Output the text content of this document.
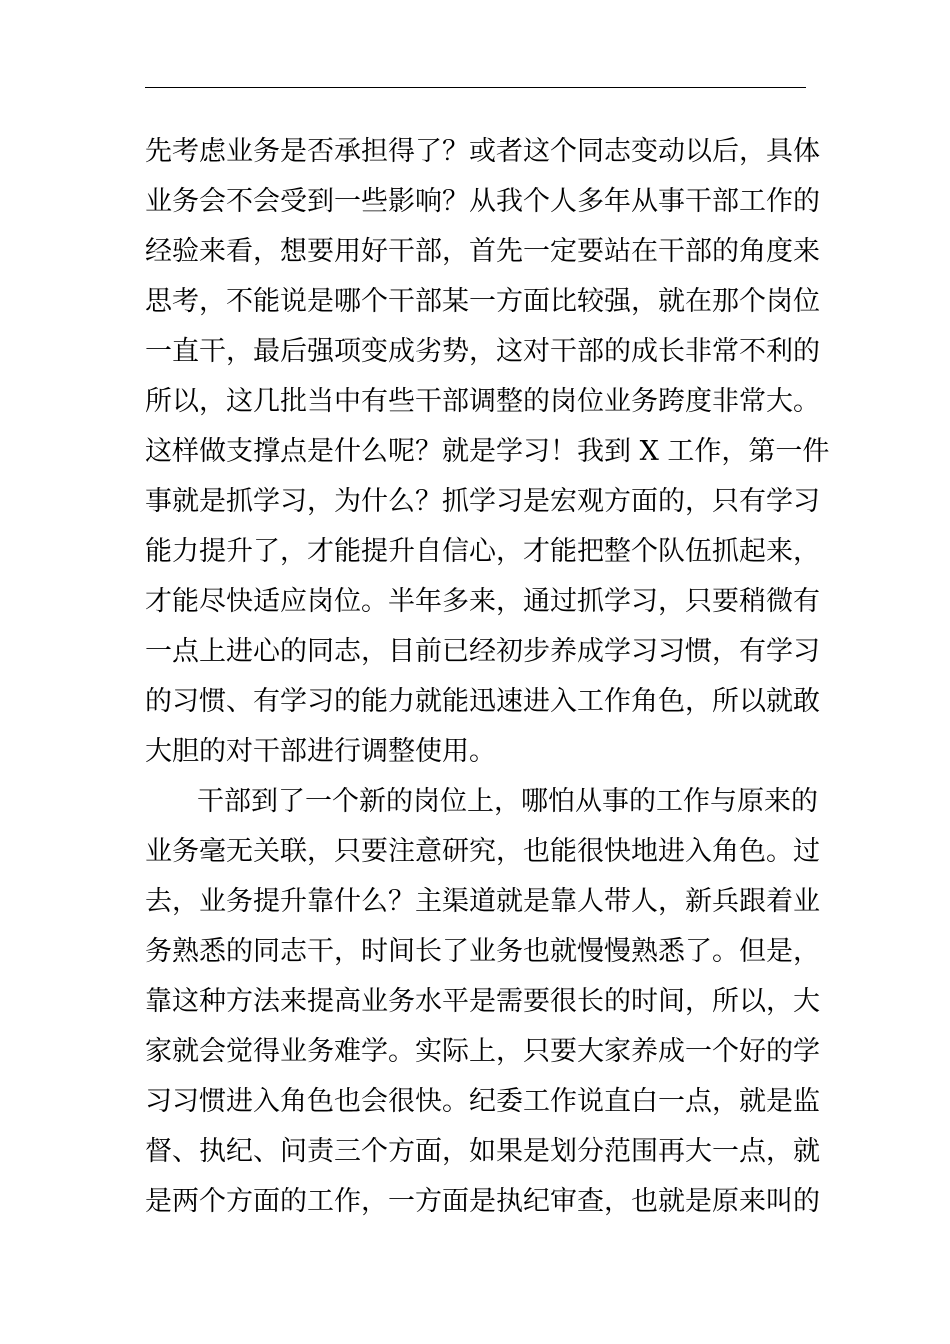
先考虑业务是否承担得了？或者这个同志变动以后，具体
业务会不会受到一些影响？从我个人多年从事干部工作的
经验来看，想要用好干部，首先一定要站在干部的角度来
思考，不能说是哪个干部某一方面比较强，就在那个岗位
一直干，最后强项变成劣势，这对干部的成长非常不利的
所以，这几批当中有些干部调整的岗位业务跨度非常大。
这样做支撑点是什么呢？就是学习！我到 X 工作，第一件
事就是抓学习，为什么？抓学习是宏观方面的，只有学习
能力提升了，才能提升自信心，才能把整个队伍抓起来，
才能尽快适应岗位。半年多来，通过抓学习，只要稍微有
一点上进心的同志，目前已经初步养成学习习惯，有学习
的习惯、有学习的能力就能迅速进入工作角色，所以就敢
大胆的对干部进行调整使用。
干部到了一个新的岗位上，哪怕从事的工作与原来的
业务毫无关联，只要注意研究，也能很快地进入角色。过
去，业务提升靠什么？主渠道就是靠人带人，新兵跟着业
务熟悉的同志干，时间长了业务也就慢慢熟悉了。但是，
靠这种方法来提高业务水平是需要很长的时间，所以，大
家就会觉得业务难学。实际上，只要大家养成一个好的学
习习惯进入角色也会很快。纪委工作说直白一点，就是监
督、执纪、问责三个方面，如果是划分范围再大一点，就
是两个方面的工作，一方面是执纪审查，也就是原来叫的
